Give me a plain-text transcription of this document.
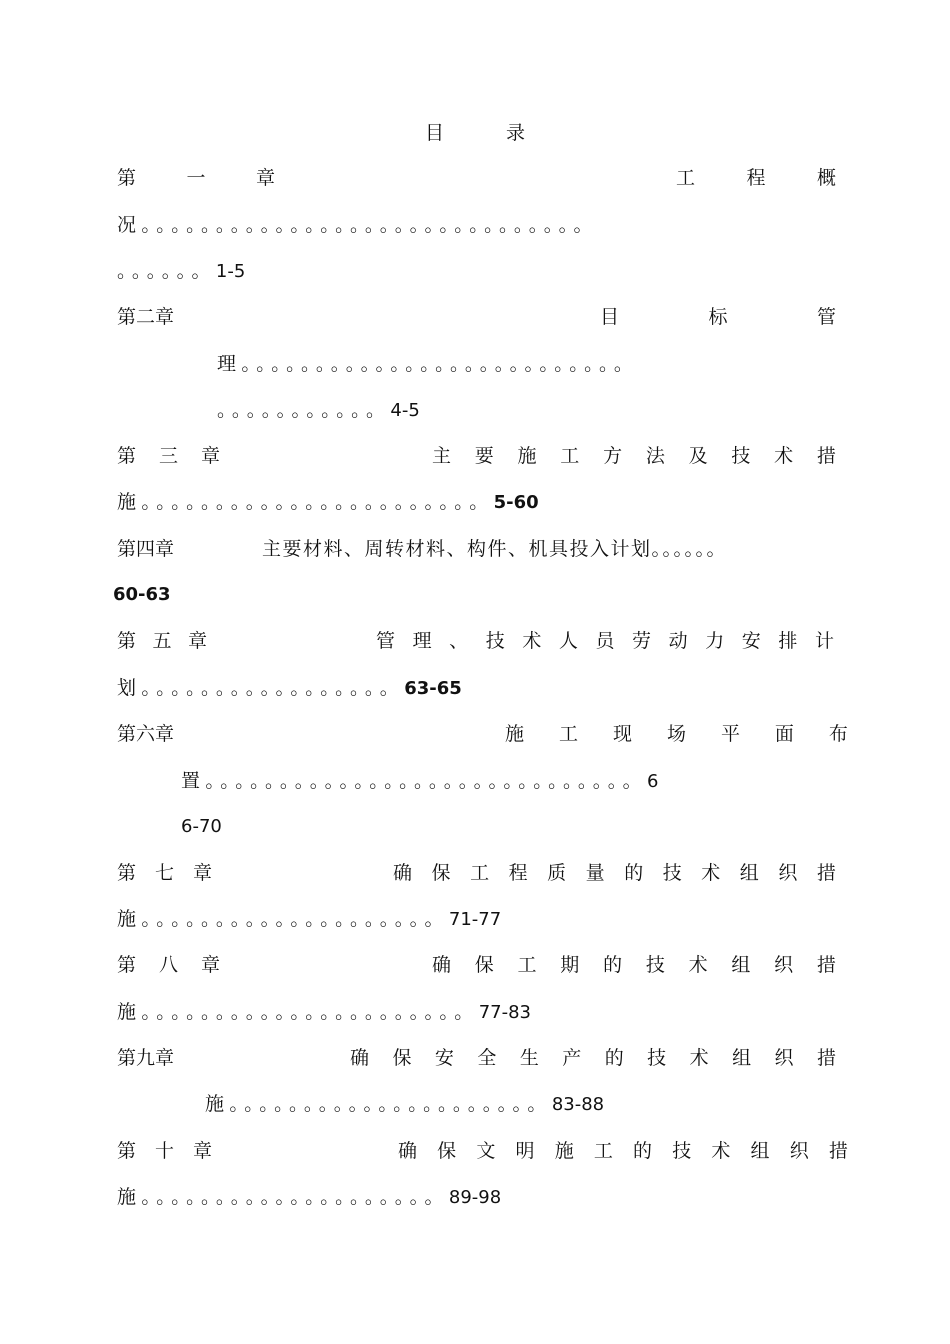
目 录
第	一	章	工	程	概
况。。。。。。。。。。。。。。。。。。。。。。。。。。。。。。
。。。。。。1-5
第二章	目	标	管
理。。。。。。。。。。。。。。。。。。。。。。。。。。
。。。。。。。。。。。4-5
第 三 章	主 要 施 工 方 法 及 技 术 措
施。。。。。。。。。。。。。。。。。。。。。。。5-60
第四章	主要材料、周转材料、构件、机具投入计划。。。。。。
60-63
第 五 章	管 理 、 技 术 人 员 劳 动 力 安 排 计
划。。。。。。。。。。。。。。。。。63-65
第六章	施 工 现 场 平 面 布
置。。。。。。。。。。。。。。。。。。。。。。。。。。。。。6
6-70
第 七 章	确 保 工 程 质 量 的 技 术 组 织 措
施。。。。。。。。。。。。。。。。。。。。71-77
第 八 章	确 保 工 期 的 技 术 组 织 措
施。。。。。。。。。。。。。。。。。。。。。。77-83
第九章	确 保 安 全 生 产 的 技 术 组 织 措
施。。。。。。。。。。。。。。。。。。。。。83-88
第 十 章	确 保 文 明 施 工 的 技 术 组 织 措
施。。。。。。。。。。。。。。。。。。。。89-98
